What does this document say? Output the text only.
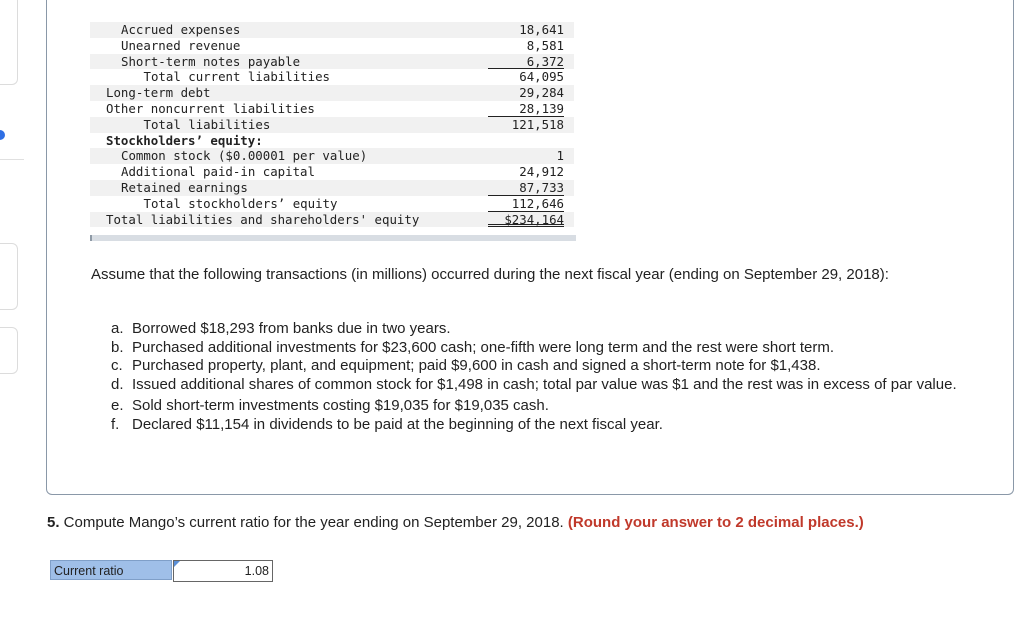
Accrued expenses	18,641
Unearned revenue	8,581
Short-term notes payable	6,372
Total current liabilities	64,095
Long-term debt	29,284
Other noncurrent liabilities	28,139
Total liabilities	121,518
Stockholders’ equity:
Common stock ($0.00001 per value)	1
Additional paid-in capital	24,912
Retained earnings	87,733
Total stockholders’ equity	112,646
Total liabilities and shareholders' equity	$234,164
Assume that the following transactions (in millions) occurred during the next fiscal year (ending on September 29, 2018):
a. Borrowed $18,293 from banks due in two years.
b. Purchased additional investments for $23,600 cash; one-fifth were long term and the rest were short term.
c. Purchased property, plant, and equipment; paid $9,600 in cash and signed a short-term note for $1,438.
d. Issued additional shares of common stock for $1,498 in cash; total par value was $1 and the rest was in excess of par value.
e. Sold short-term investments costing $19,035 for $19,035 cash.
f. Declared $11,154 in dividends to be paid at the beginning of the next fiscal year.
5. Compute Mango’s current ratio for the year ending on September 29, 2018. (Round your answer to 2 decimal places.)
Current ratio	1.08
